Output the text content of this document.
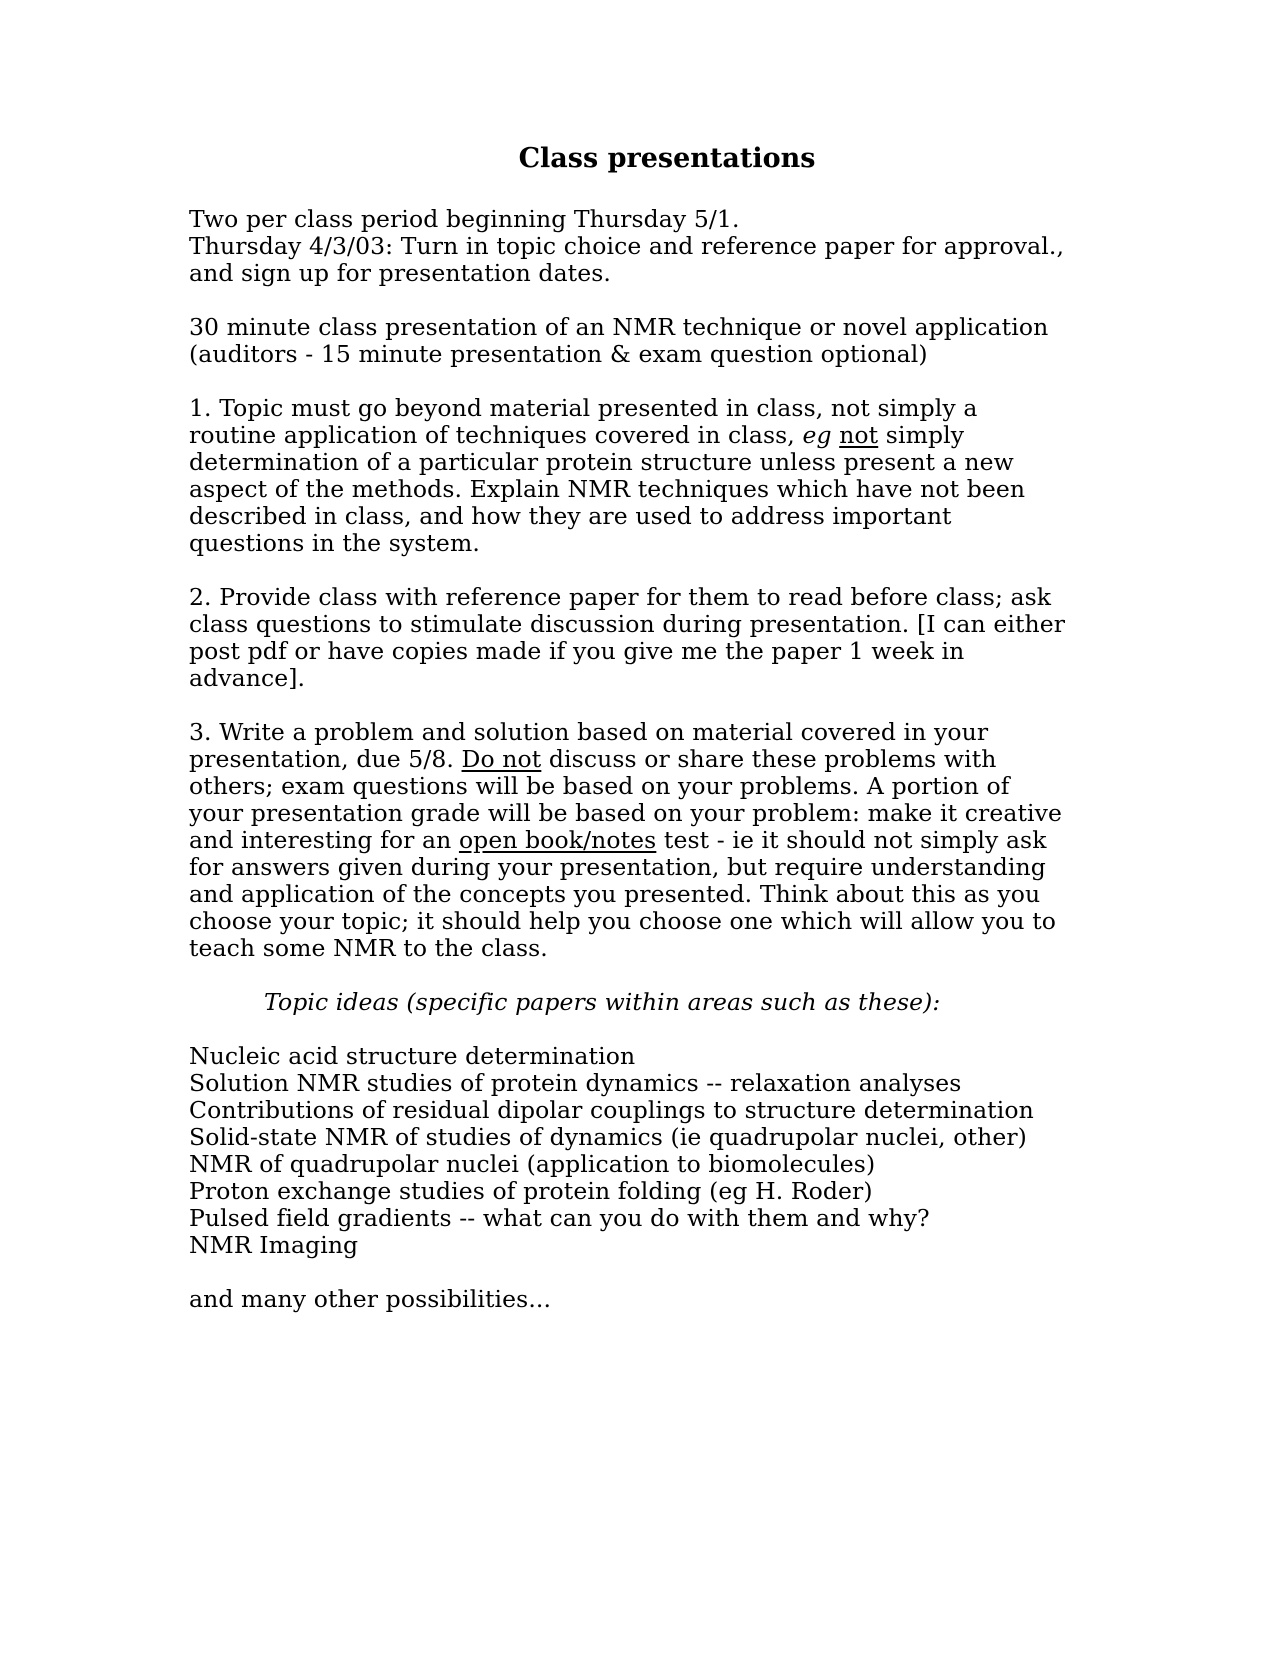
Class presentations
Two per class period beginning Thursday 5/1.
Thursday 4/3/03: Turn in topic choice and reference paper for approval.,
and sign up for presentation dates.
30 minute class presentation of an NMR technique or novel application
(auditors - 15 minute presentation & exam question optional)
1. Topic must go beyond material presented in class, not simply a
routine application of techniques covered in class, eg not simply
determination of a particular protein structure unless present a new
aspect of the methods. Explain NMR techniques which have not been
described in class, and how they are used to address important
questions in the system.
2. Provide class with reference paper for them to read before class; ask
class questions to stimulate discussion during presentation. [I can either
post pdf or have copies made if you give me the paper 1 week in
advance].
3. Write a problem and solution based on material covered in your
presentation, due 5/8. Do not discuss or share these problems with
others; exam questions will be based on your problems. A portion of
your presentation grade will be based on your problem: make it creative
and interesting for an open book/notes test - ie it should not simply ask
for answers given during your presentation, but require understanding
and application of the concepts you presented. Think about this as you
choose your topic; it should help you choose one which will allow you to
teach some NMR to the class.
Topic ideas (specific papers within areas such as these):
Nucleic acid structure determination
Solution NMR studies of protein dynamics -- relaxation analyses
Contributions of residual dipolar couplings to structure determination
Solid-state NMR of studies of dynamics (ie quadrupolar nuclei, other)
NMR of quadrupolar nuclei (application to biomolecules)
Proton exchange studies of protein folding (eg H. Roder)
Pulsed field gradients -- what can you do with them and why?
NMR Imaging
and many other possibilities...
